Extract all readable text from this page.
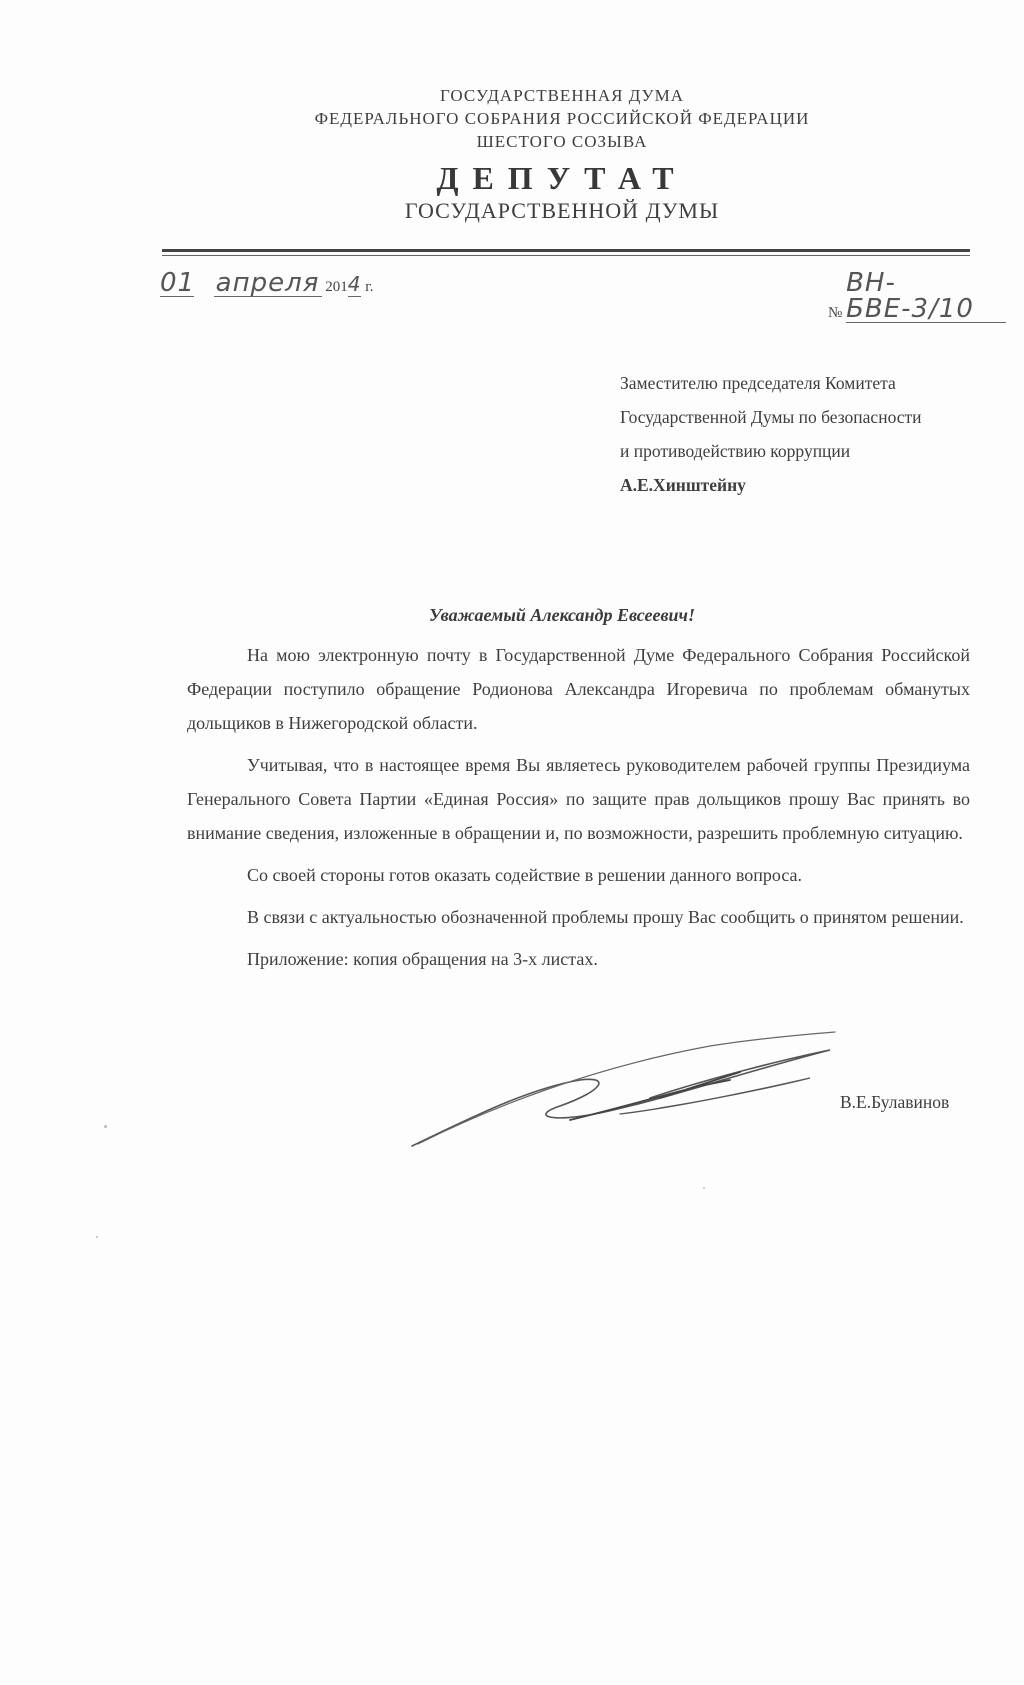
ГОСУДАРСТВЕННАЯ ДУМА
ФЕДЕРАЛЬНОГО СОБРАНИЯ РОССИЙСКОЙ ФЕДЕРАЦИИ
ШЕСТОГО СОЗЫВА
ДЕПУТАТ
ГОСУДАРСТВЕННОЙ ДУМЫ
01 апреля 2014 г.
№ ВН-БВЕ-3/10
Заместителю председателя Комитета
Государственной Думы по безопасности
и противодействию коррупции
А.Е.Хинштейну
Уважаемый Александр Евсеевич!

На мою электронную почту в Государственной Думе Федерального Собрания Российской Федерации поступило обращение Родионова Александра Игоревича по проблемам обманутых дольщиков в Нижегородской области.

Учитывая, что в настоящее время Вы являетесь руководителем рабочей группы Президиума Генерального Совета Партии «Единая Россия» по защите прав дольщиков прошу Вас принять во внимание сведения, изложенные в обращении и, по возможности, разрешить проблемную ситуацию.

Со своей стороны готов оказать содействие в решении данного вопроса.

В связи с актуальностью обозначенной проблемы прошу Вас сообщить о принятом решении.

Приложение: копия обращения на 3-х листах.

В.Е.Булавинов
